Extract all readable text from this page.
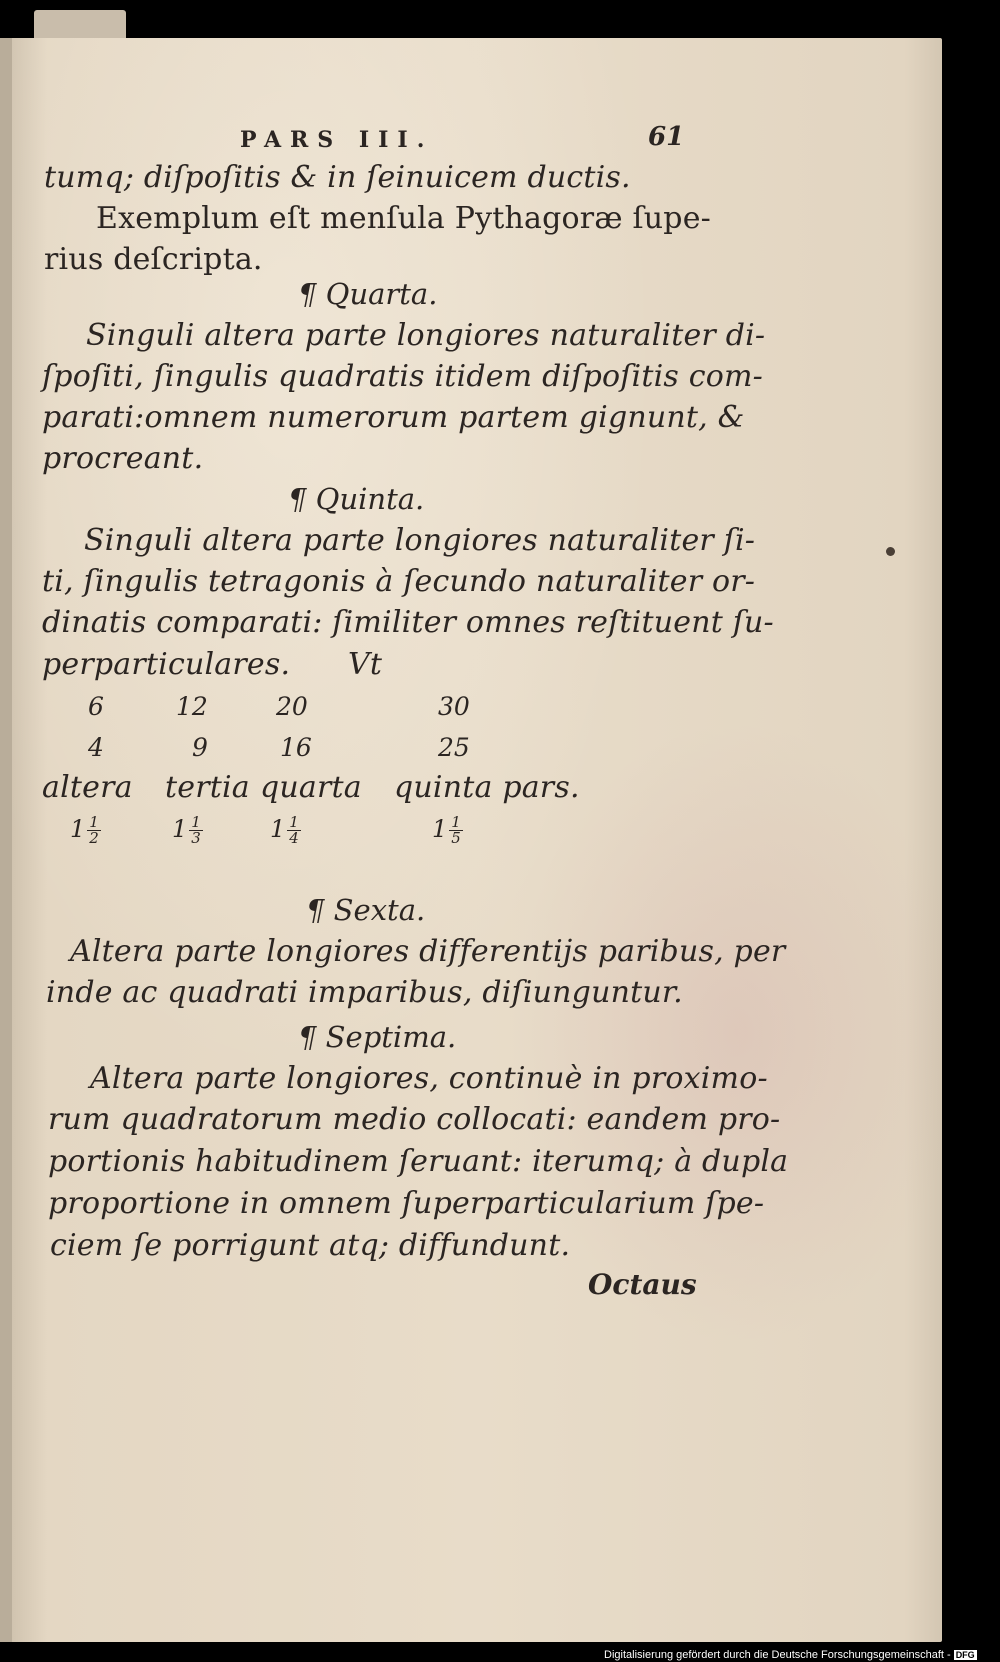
PARS III.	61
tumq; diſpoſitis & in ſeinuicem ductis.
Exemplum eſt menſula Pythagoræ ſupe-
rius deſcripta.
¶ Quarta.
Singuli altera parte longiores naturaliter di-
ſpoſiti, ſingulis quadratis itidem diſpoſitis com-
parati:omnem numerorum partem gignunt, &
procreant.
¶ Quinta.
Singuli altera parte longiores naturaliter ſi-
ti, ſingulis tetragonis à ſecundo naturaliter or-
dinatis comparati: ſimiliter omnes reſtituent ſu-
perparticulares. Vt
6	12	20	30
4	9	16	25
altera tertia quarta quinta pars.
$1 \frac{1}{2}$	$1 \frac{1}{3}$	$1 \frac{1}{4}$	$1 \frac{1}{5}$
¶ Sexta.
Altera parte longiores differentijs paribus, per
inde ac quadrati imparibus, diſiunguntur.
¶ Septima.
Altera parte longiores, continuè in proximo-
rum quadratorum medio collocati: eandem pro-
portionis habitudinem ſeruant: iterumq; à dupla
proportione in omnem ſuperparticularium ſpe-
ciem ſe porrigunt atq; diffundunt.
Octaus
Digitalisierung gefördert durch die Deutsche Forschungsgemeinschaft - DFG
